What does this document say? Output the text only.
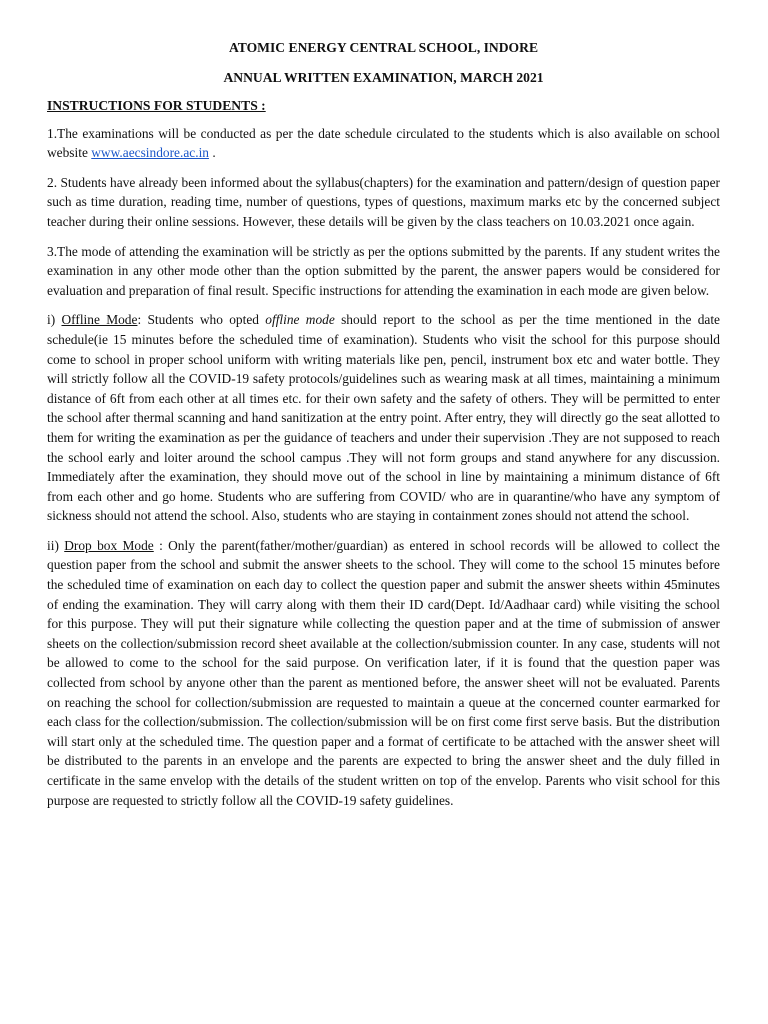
ATOMIC ENERGY CENTRAL SCHOOL, INDORE
ANNUAL WRITTEN EXAMINATION, MARCH 2021
INSTRUCTIONS FOR STUDENTS :

1.The examinations will be conducted as per the date schedule circulated to the students which is also available on school website www.aecsindore.ac.in .

2. Students have already been informed about the syllabus(chapters) for the examination and pattern/design of question paper such as time duration, reading time, number of questions, types of questions, maximum marks etc by the concerned subject teacher during their online sessions. However, these details will be given by the class teachers on 10.03.2021 once again.

3.The mode of attending the examination will be strictly as per the options submitted by the parents. If any student writes the examination in any other mode other than the option submitted by the parent, the answer papers would be considered for evaluation and preparation of final result. Specific instructions for attending the examination in each mode are given below.

i) Offline Mode: Students who opted offline mode should report to the school as per the time mentioned in the date schedule(ie 15 minutes before the scheduled time of examination). Students who visit the school for this purpose should come to school in proper school uniform with writing materials like pen, pencil, instrument box etc and water bottle. They will strictly follow all the COVID-19 safety protocols/guidelines such as wearing mask at all times, maintaining a minimum distance of 6ft from each other at all times etc. for their own safety and the safety of others. They will be permitted to enter the school after thermal scanning and hand sanitization at the entry point. After entry, they will directly go the seat allotted to them for writing the examination as per the guidance of teachers and under their supervision .They are not supposed to reach the school early and loiter around the school campus .They will not form groups and stand anywhere for any discussion. Immediately after the examination, they should move out of the school in line by maintaining a minimum distance of 6ft from each other and go home. Students who are suffering from COVID/ who are in quarantine/who have any symptom of sickness should not attend the school. Also, students who are staying in containment zones should not attend the school.

ii) Drop box Mode : Only the parent(father/mother/guardian) as entered in school records will be allowed to collect the question paper from the school and submit the answer sheets to the school. They will come to the school 15 minutes before the scheduled time of examination on each day to collect the question paper and submit the answer sheets within 45minutes of ending the examination. They will carry along with them their ID card(Dept. Id/Aadhaar card) while visiting the school for this purpose. They will put their signature while collecting the question paper and at the time of submission of answer sheets on the collection/submission record sheet available at the collection/submission counter. In any case, students will not be allowed to come to the school for the said purpose. On verification later, if it is found that the question paper was collected from school by anyone other than the parent as mentioned before, the answer sheet will not be evaluated. Parents on reaching the school for collection/submission are requested to maintain a queue at the concerned counter earmarked for each class for the collection/submission. The collection/submission will be on first come first serve basis. But the distribution will start only at the scheduled time. The question paper and a format of certificate to be attached with the answer sheet will be distributed to the parents in an envelope and the parents are expected to bring the answer sheet and the duly filled in certificate in the same envelop with the details of the student written on top of the envelop. Parents who visit school for this purpose are requested to strictly follow all the COVID-19 safety guidelines.
